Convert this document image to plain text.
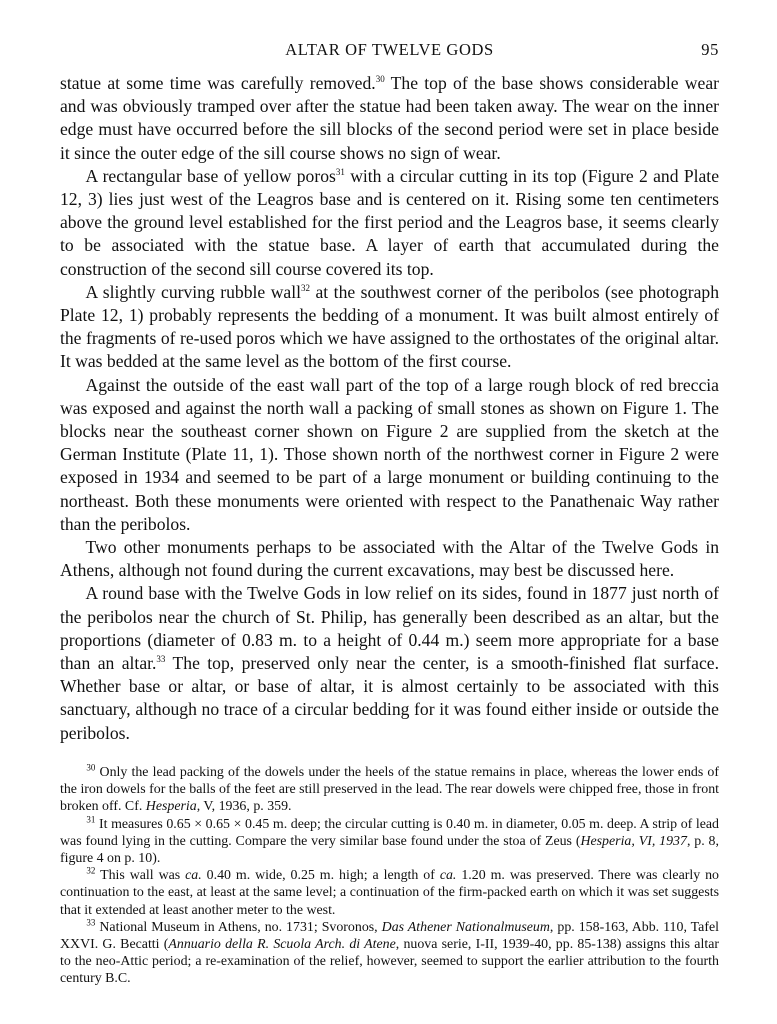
ALTAR OF TWELVE GODS	95

statue at some time was carefully removed.$^{30}$ The top of the base shows considerable wear and was obviously tramped over after the statue had been taken away. The wear on the inner edge must have occurred before the sill blocks of the second period were set in place beside it since the outer edge of the sill course shows no sign of wear.

A rectangular base of yellow poros$^{31}$ with a circular cutting in its top (Figure 2 and Plate 12, 3) lies just west of the Leagros base and is centered on it. Rising some ten centimeters above the ground level established for the first period and the Leagros base, it seems clearly to be associated with the statue base. A layer of earth that accumulated during the construction of the second sill course covered its top.

A slightly curving rubble wall$^{32}$ at the southwest corner of the peribolos (see photograph Plate 12, 1) probably represents the bedding of a monument. It was built almost entirely of the fragments of re-used poros which we have assigned to the orthostates of the original altar. It was bedded at the same level as the bottom of the first course.

Against the outside of the east wall part of the top of a large rough block of red breccia was exposed and against the north wall a packing of small stones as shown on Figure 1. The blocks near the southeast corner shown on Figure 2 are supplied from the sketch at the German Institute (Plate 11, 1). Those shown north of the northwest corner in Figure 2 were exposed in 1934 and seemed to be part of a large monument or building continuing to the northeast. Both these monuments were oriented with respect to the Panathenaic Way rather than the peribolos.

Two other monuments perhaps to be associated with the Altar of the Twelve Gods in Athens, although not found during the current excavations, may best be discussed here.

A round base with the Twelve Gods in low relief on its sides, found in 1877 just north of the peribolos near the church of St. Philip, has generally been described as an altar, but the proportions (diameter of 0.83 m. to a height of 0.44 m.) seem more appropriate for a base than an altar.$^{33}$ The top, preserved only near the center, is a smooth-finished flat surface. Whether base or altar, or base of altar, it is almost certainly to be associated with this sanctuary, although no trace of a circular bedding for it was found either inside or outside the peribolos.

$^{30}$ Only the lead packing of the dowels under the heels of the statue remains in place, whereas the lower ends of the iron dowels for the balls of the feet are still preserved in the lead. The rear dowels were chipped free, those in front broken off. Cf. Hesperia, V, 1936, p. 359.

$^{31}$ It measures 0.65 × 0.65 × 0.45 m. deep; the circular cutting is 0.40 m. in diameter, 0.05 m. deep. A strip of lead was found lying in the cutting. Compare the very similar base found under the stoa of Zeus (Hesperia, VI, 1937, p. 8, figure 4 on p. 10).

$^{32}$ This wall was ca. 0.40 m. wide, 0.25 m. high; a length of ca. 1.20 m. was preserved. There was clearly no continuation to the east, at least at the same level; a continuation of the firm-packed earth on which it was set suggests that it extended at least another meter to the west.

$^{33}$ National Museum in Athens, no. 1731; Svoronos, Das Athener Nationalmuseum, pp. 158-163, Abb. 110, Tafel XXVI. G. Becatti (Annuario della R. Scuola Arch. di Atene, nuova serie, I-II, 1939-40, pp. 85-138) assigns this altar to the neo-Attic period; a re-examination of the relief, however, seemed to support the earlier attribution to the fourth century B.C.
